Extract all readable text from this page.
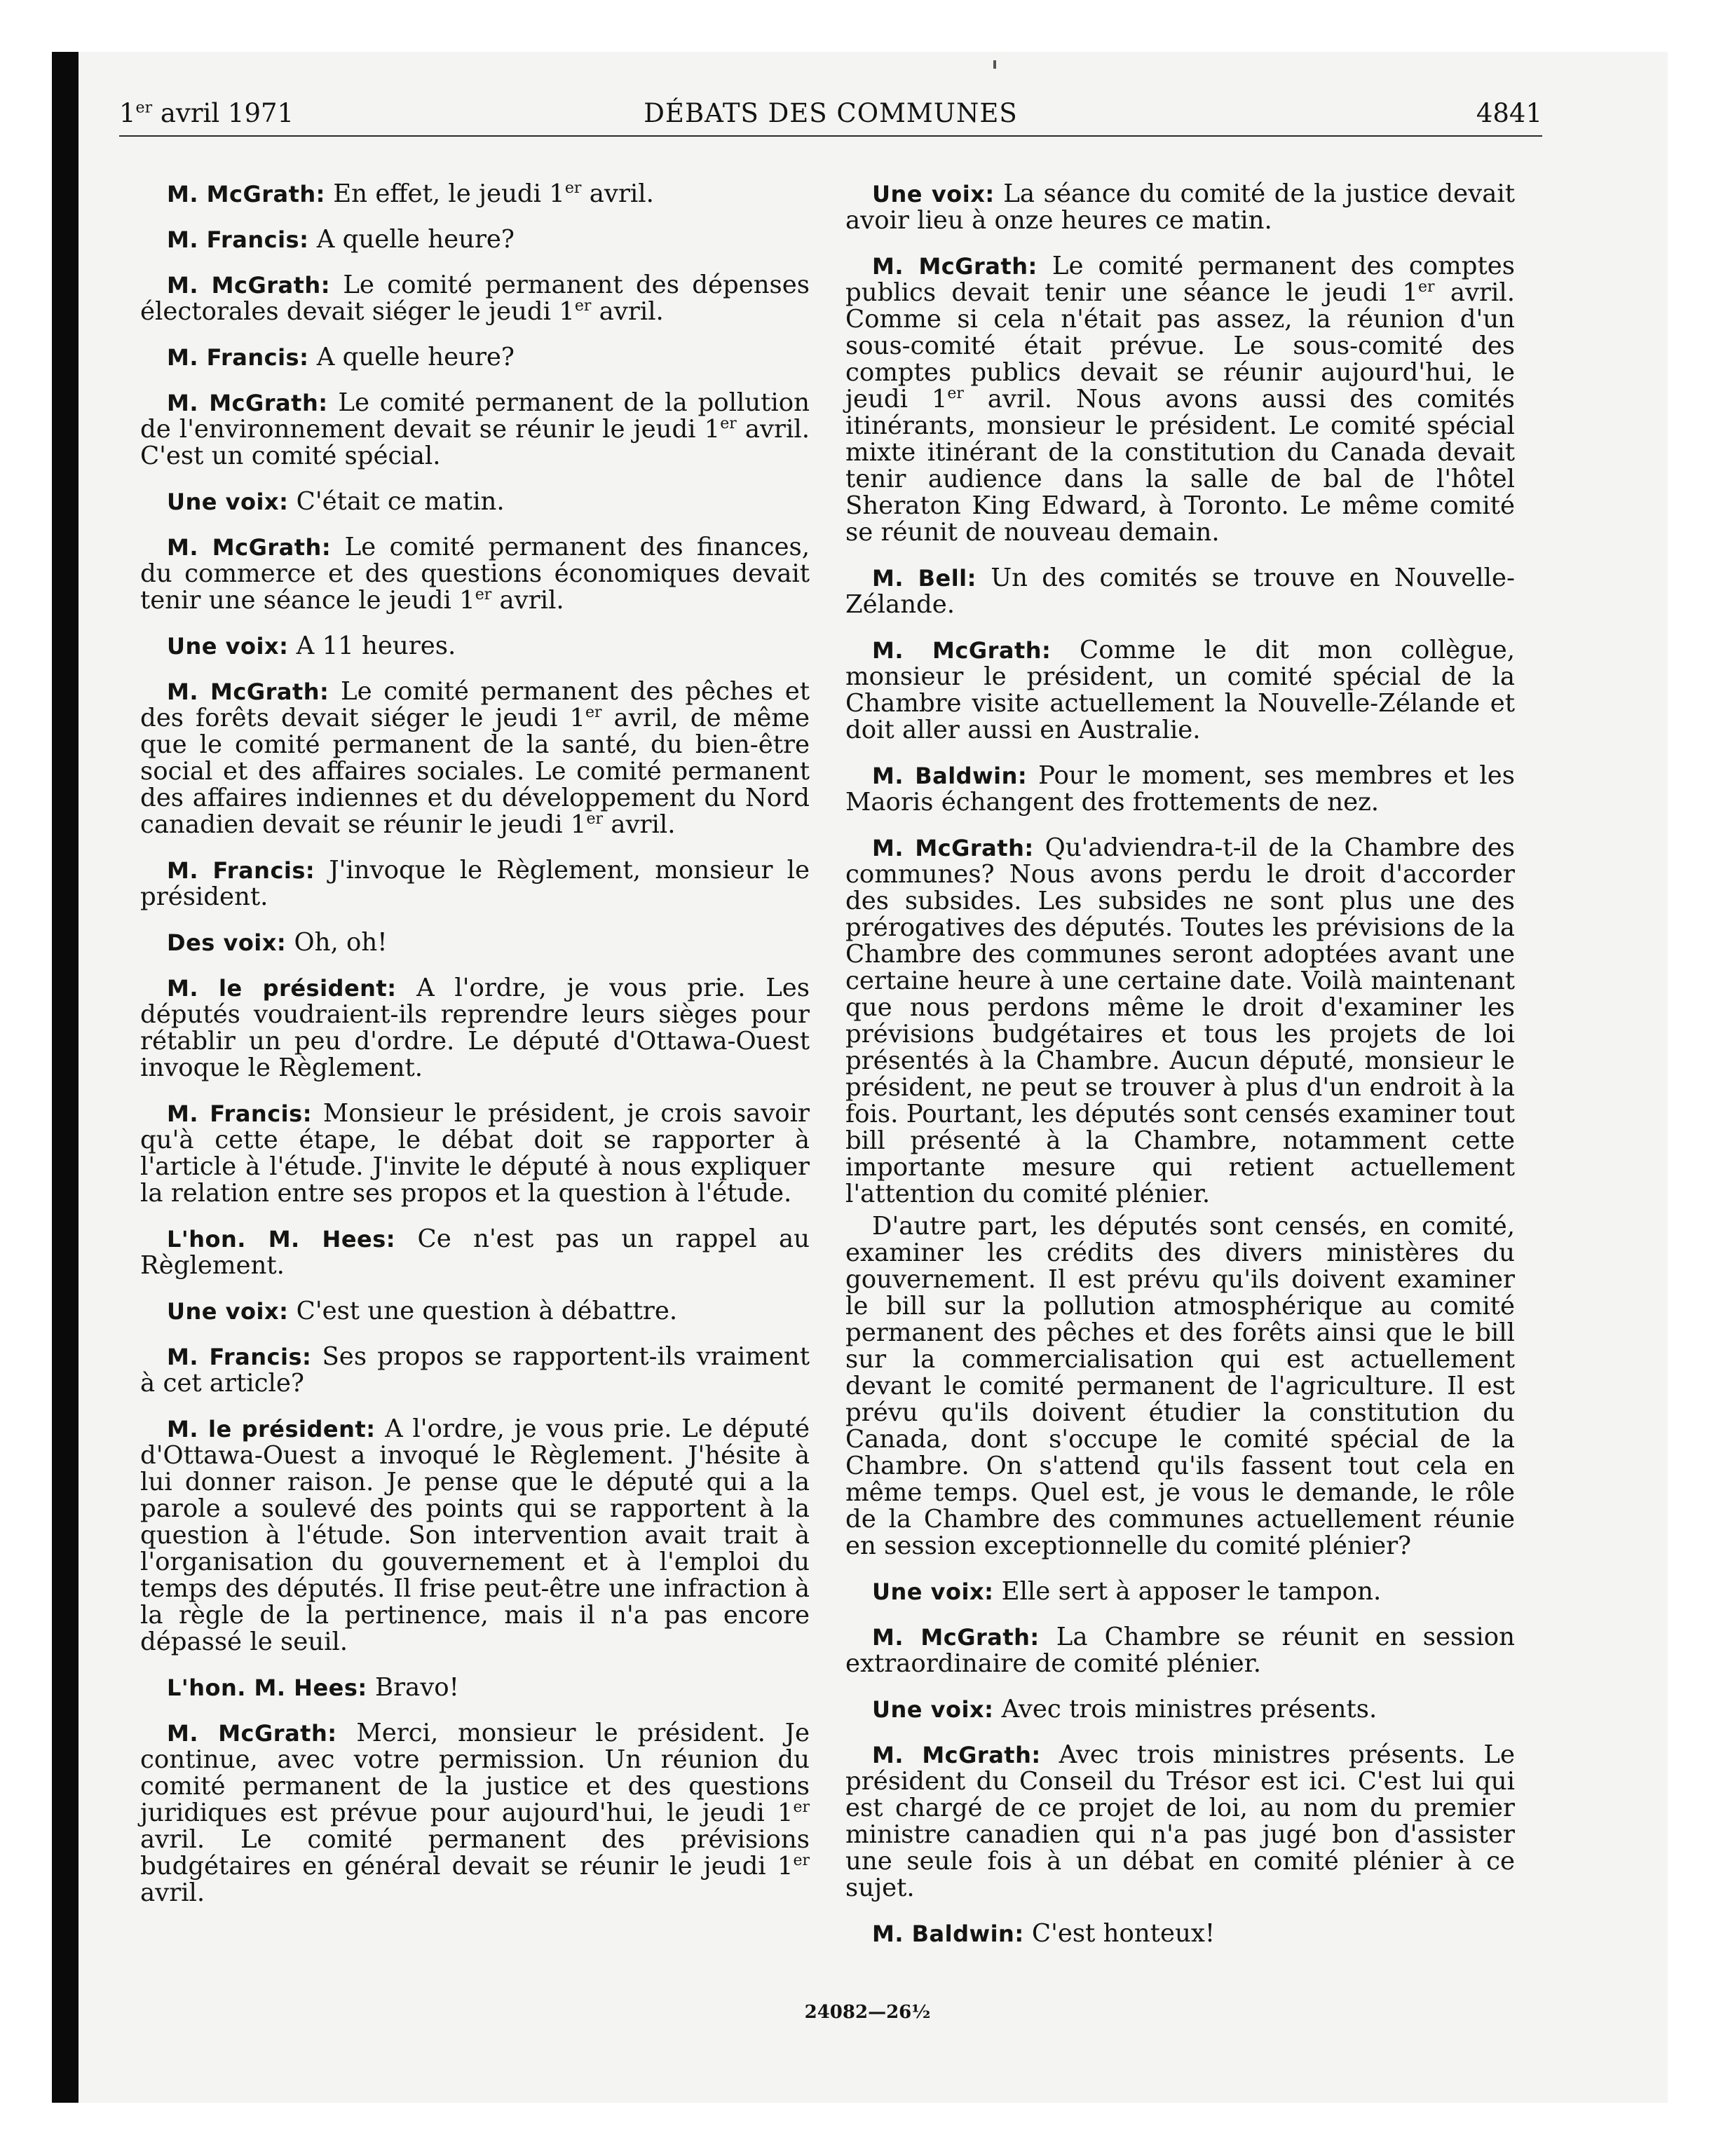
1er avril 1971	DÉBATS DES COMMUNES	4841

M. McGrath: En effet, le jeudi 1er avril.

M. Francis: A quelle heure?

M. McGrath: Le comité permanent des dépenses électorales devait siéger le jeudi 1er avril.

M. Francis: A quelle heure?

M. McGrath: Le comité permanent de la pollution de l'environnement devait se réunir le jeudi 1er avril. C'est un comité spécial.

Une voix: C'était ce matin.

M. McGrath: Le comité permanent des finances, du commerce et des questions économiques devait tenir une séance le jeudi 1er avril.

Une voix: A 11 heures.

M. McGrath: Le comité permanent des pêches et des forêts devait siéger le jeudi 1er avril, de même que le comité permanent de la santé, du bien-être social et des affaires sociales. Le comité permanent des affaires indiennes et du développement du Nord canadien devait se réunir le jeudi 1er avril.

M. Francis: J'invoque le Règlement, monsieur le président.

Des voix: Oh, oh!

M. le président: A l'ordre, je vous prie. Les députés voudraient-ils reprendre leurs sièges pour rétablir un peu d'ordre. Le député d'Ottawa-Ouest invoque le Règlement.

M. Francis: Monsieur le président, je crois savoir qu'à cette étape, le débat doit se rapporter à l'article à l'étude. J'invite le député à nous expliquer la relation entre ses propos et la question à l'étude.

L'hon. M. Hees: Ce n'est pas un rappel au Règlement.

Une voix: C'est une question à débattre.

M. Francis: Ses propos se rapportent-ils vraiment à cet article?

M. le président: A l'ordre, je vous prie. Le député d'Ottawa-Ouest a invoqué le Règlement. J'hésite à lui donner raison. Je pense que le député qui a la parole a soulevé des points qui se rapportent à la question à l'étude. Son intervention avait trait à l'organisation du gouvernement et à l'emploi du temps des députés. Il frise peut-être une infraction à la règle de la pertinence, mais il n'a pas encore dépassé le seuil.

L'hon. M. Hees: Bravo!

M. McGrath: Merci, monsieur le président. Je continue, avec votre permission. Un réunion du comité permanent de la justice et des questions juridiques est prévue pour aujourd'hui, le jeudi 1er avril. Le comité permanent des prévisions budgétaires en général devait se réunir le jeudi 1er avril.

Une voix: La séance du comité de la justice devait avoir lieu à onze heures ce matin.

M. McGrath: Le comité permanent des comptes publics devait tenir une séance le jeudi 1er avril. Comme si cela n'était pas assez, la réunion d'un sous-comité était prévue. Le sous-comité des comptes publics devait se réunir aujourd'hui, le jeudi 1er avril. Nous avons aussi des comités itinérants, monsieur le président. Le comité spécial mixte itinérant de la constitution du Canada devait tenir audience dans la salle de bal de l'hôtel Sheraton King Edward, à Toronto. Le même comité se réunit de nouveau demain.

M. Bell: Un des comités se trouve en Nouvelle-Zélande.

M. McGrath: Comme le dit mon collègue, monsieur le président, un comité spécial de la Chambre visite actuellement la Nouvelle-Zélande et doit aller aussi en Australie.

M. Baldwin: Pour le moment, ses membres et les Maoris échangent des frottements de nez.

M. McGrath: Qu'adviendra-t-il de la Chambre des communes? Nous avons perdu le droit d'accorder des subsides. Les subsides ne sont plus une des prérogatives des députés. Toutes les prévisions de la Chambre des communes seront adoptées avant une certaine heure à une certaine date. Voilà maintenant que nous perdons même le droit d'examiner les prévisions budgétaires et tous les projets de loi présentés à la Chambre. Aucun député, monsieur le président, ne peut se trouver à plus d'un endroit à la fois. Pourtant, les députés sont censés examiner tout bill présenté à la Chambre, notamment cette importante mesure qui retient actuellement l'attention du comité plénier.

D'autre part, les députés sont censés, en comité, examiner les crédits des divers ministères du gouvernement. Il est prévu qu'ils doivent examiner le bill sur la pollution atmosphérique au comité permanent des pêches et des forêts ainsi que le bill sur la commercialisation qui est actuellement devant le comité permanent de l'agriculture. Il est prévu qu'ils doivent étudier la constitution du Canada, dont s'occupe le comité spécial de la Chambre. On s'attend qu'ils fassent tout cela en même temps. Quel est, je vous le demande, le rôle de la Chambre des communes actuellement réunie en session exceptionnelle du comité plénier?

Une voix: Elle sert à apposer le tampon.

M. McGrath: La Chambre se réunit en session extraordinaire de comité plénier.

Une voix: Avec trois ministres présents.

M. McGrath: Avec trois ministres présents. Le président du Conseil du Trésor est ici. C'est lui qui est chargé de ce projet de loi, au nom du premier ministre canadien qui n'a pas jugé bon d'assister une seule fois à un débat en comité plénier à ce sujet.

M. Baldwin: C'est honteux!

24082—26½
